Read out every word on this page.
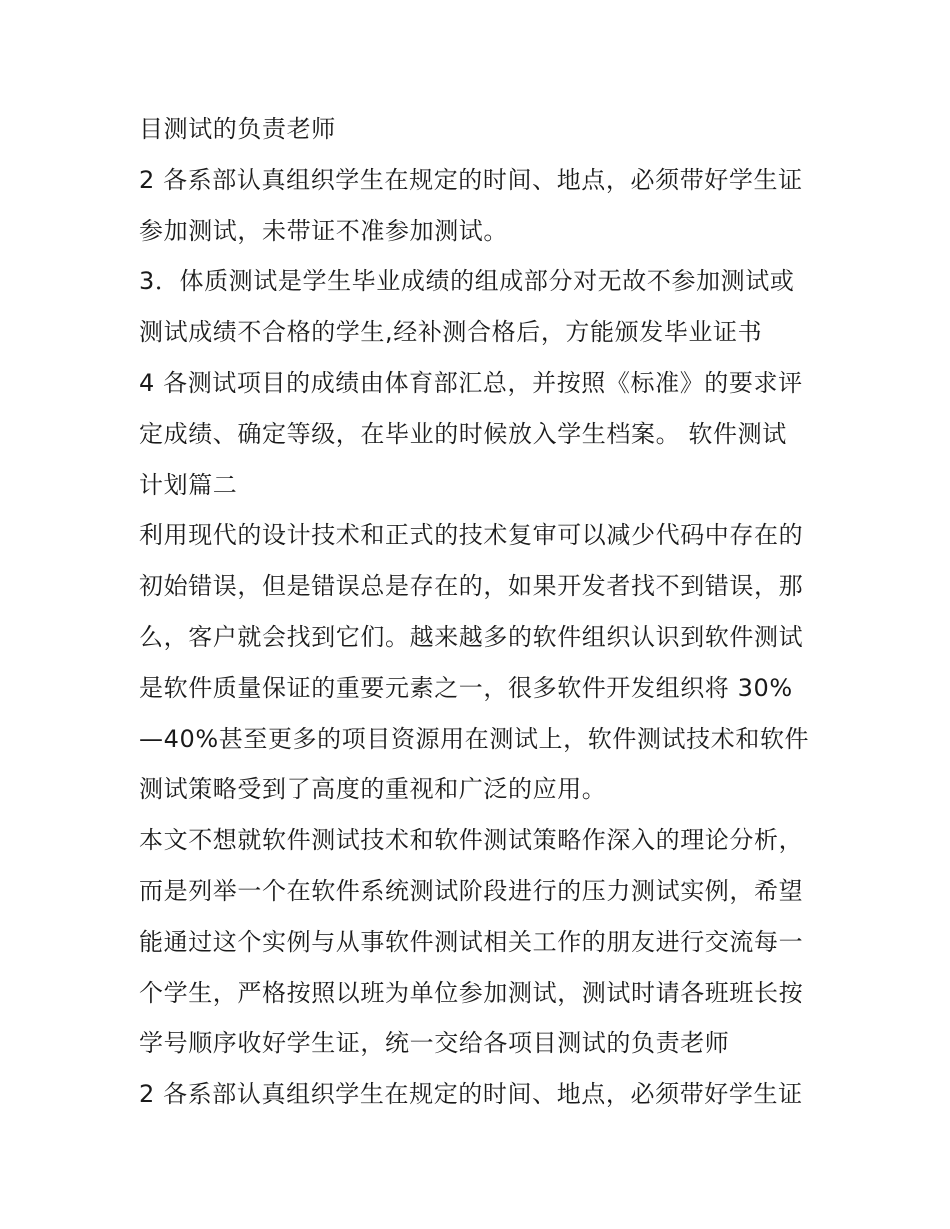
目测试的负责老师
2 各系部认真组织学生在规定的时间、地点，必须带好学生证
参加测试，未带证不准参加测试。
3．体质测试是学生毕业成绩的组成部分对无故不参加测试或
测试成绩不合格的学生,经补测合格后，方能颁发毕业证书
4 各测试项目的成绩由体育部汇总，并按照《标准》的要求评
定成绩、确定等级，在毕业的时候放入学生档案。 软件测试
计划篇二
利用现代的设计技术和正式的技术复审可以减少代码中存在的
初始错误，但是错误总是存在的，如果开发者找不到错误，那
么，客户就会找到它们。越来越多的软件组织认识到软件测试
是软件质量保证的重要元素之一，很多软件开发组织将 30%
—40%甚至更多的项目资源用在测试上，软件测试技术和软件
测试策略受到了高度的重视和广泛的应用。
本文不想就软件测试技术和软件测试策略作深入的理论分析，
而是列举一个在软件系统测试阶段进行的压力测试实例，希望
能通过这个实例与从事软件测试相关工作的朋友进行交流每一
个学生，严格按照以班为单位参加测试，测试时请各班班长按
学号顺序收好学生证，统一交给各项目测试的负责老师
2 各系部认真组织学生在规定的时间、地点，必须带好学生证
